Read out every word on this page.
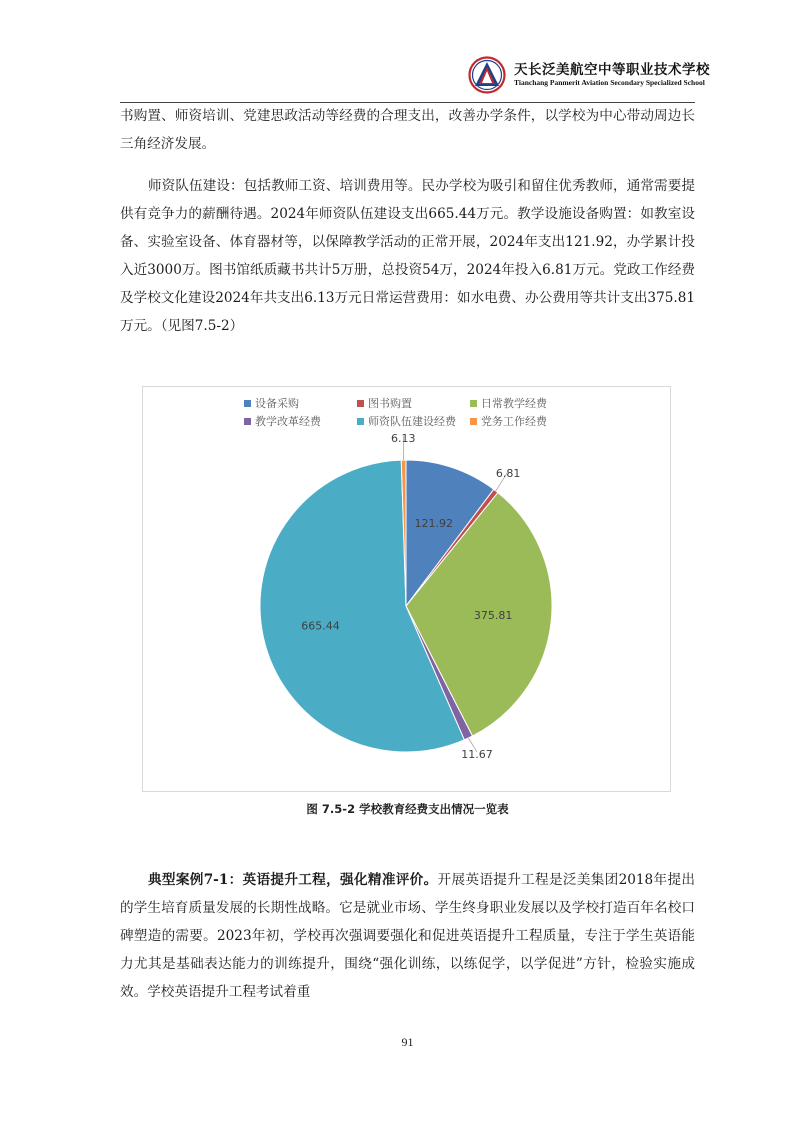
天长泛美航空中等职业技术学校
Tianchang Panmerit Aviation Secondary Specialized School

书购置、师资培训、党建思政活动等经费的合理支出，改善办学条件，以学校为中心带动周边长三角经济发展。

师资队伍建设：包括教师工资、培训费用等。民办学校为吸引和留住优秀教师，通常需要提供有竞争力的薪酬待遇。2024年师资队伍建设支出665.44万元。教学设施设备购置：如教室设备、实验室设备、体育器材等，以保障教学活动的正常开展，2024年支出121.92，办学累计投入近3000万。图书馆纸质藏书共计5万册，总投资54万，2024年投入6.81万元。党政工作经费及学校文化建设2024年共支出6.13万元日常运营费用：如水电费、办公费用等共计支出375.81万元。（见图7.5-2）

设备采购	图书购置	日常教学经费
教学改革经费	师资队伍建设经费 党务工作经费
121.92
6.81
375.81
11.67
665.44
6.13
图 7.5-2 学校教育经费支出情况一览表

典型案例7-1：英语提升工程，强化精准评价。开展英语提升工程是泛美集团2018年提出的学生培育质量发展的长期性战略。它是就业市场、学生终身职业发展以及学校打造百年名校口碑塑造的需要。2023年初，学校再次强调要强化和促进英语提升工程质量，专注于学生英语能力尤其是基础表达能力的训练提升，围绕“强化训练，以练促学，以学促进”方针，检验实施成效。学校英语提升工程考试着重

91
